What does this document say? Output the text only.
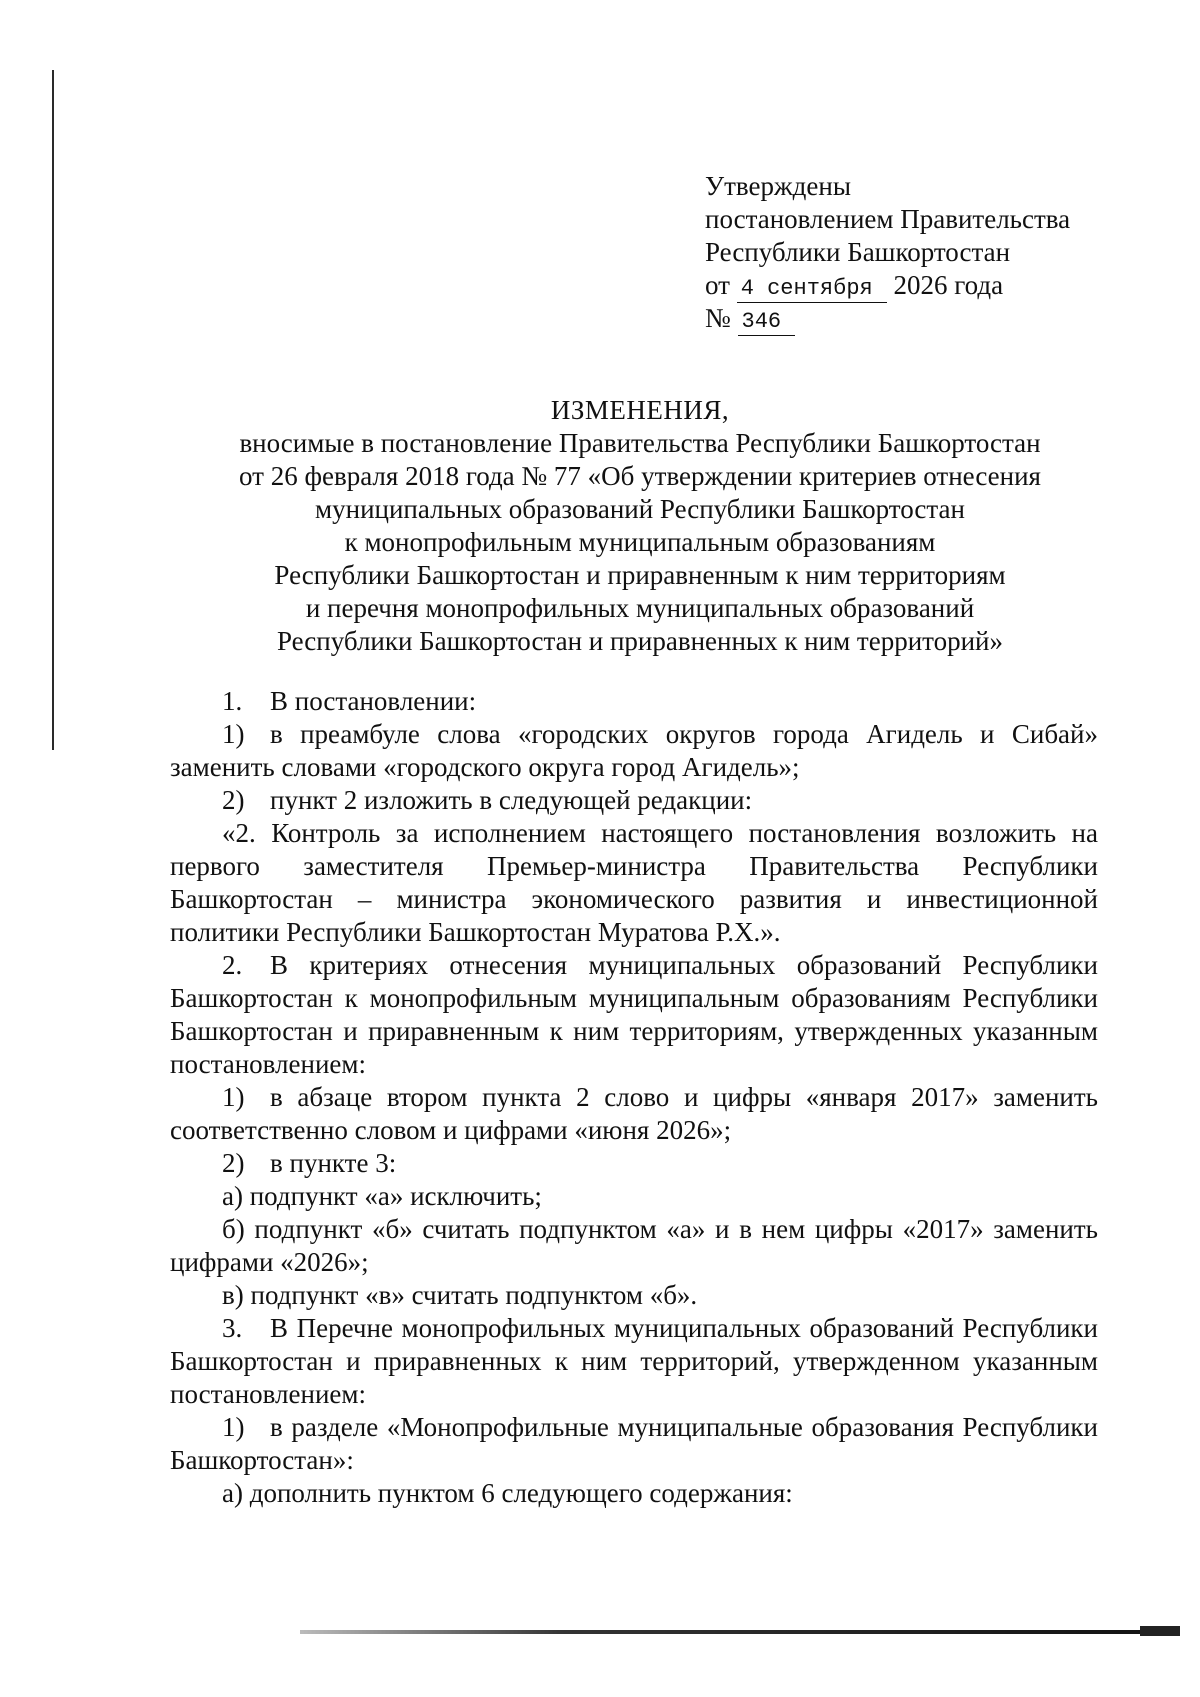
Утверждены
постановлением Правительства
Республики Башкортостан
от 4 сентября 2026 года
№ 346
ИЗМЕНЕНИЯ,
вносимые в постановление Правительства Республики Башкортостан
от 26 февраля 2018 года № 77 «Об утверждении критериев отнесения
муниципальных образований Республики Башкортостан
к монопрофильным муниципальным образованиям
Республики Башкортостан и приравненным к ним территориям
и перечня монопрофильных муниципальных образований
Республики Башкортостан и приравненных к ним территорий»
1. В постановлении:
1) в преамбуле слова «городских округов города Агидель и Сибай» заменить словами «городского округа город Агидель»;
2) пункт 2 изложить в следующей редакции:
«2. Контроль за исполнением настоящего постановления возложить на первого заместителя Премьер-министра Правительства Республики Башкортостан – министра экономического развития и инвестиционной политики Республики Башкортостан Муратова Р.Х.».
2. В критериях отнесения муниципальных образований Республики Башкортостан к монопрофильным муниципальным образованиям Республики Башкортостан и приравненным к ним территориям, утвержденных указанным постановлением:
1) в абзаце втором пункта 2 слово и цифры «января 2017» заменить соответственно словом и цифрами «июня 2026»;
2) в пункте 3:
а) подпункт «а» исключить;
б) подпункт «б» считать подпунктом «а» и в нем цифры «2017» заменить цифрами «2026»;
в) подпункт «в» считать подпунктом «б».
3. В Перечне монопрофильных муниципальных образований Республики Башкортостан и приравненных к ним территорий, утвержденном указанным постановлением:
1) в разделе «Монопрофильные муниципальные образования Республики Башкортостан»:
а) дополнить пунктом 6 следующего содержания:
